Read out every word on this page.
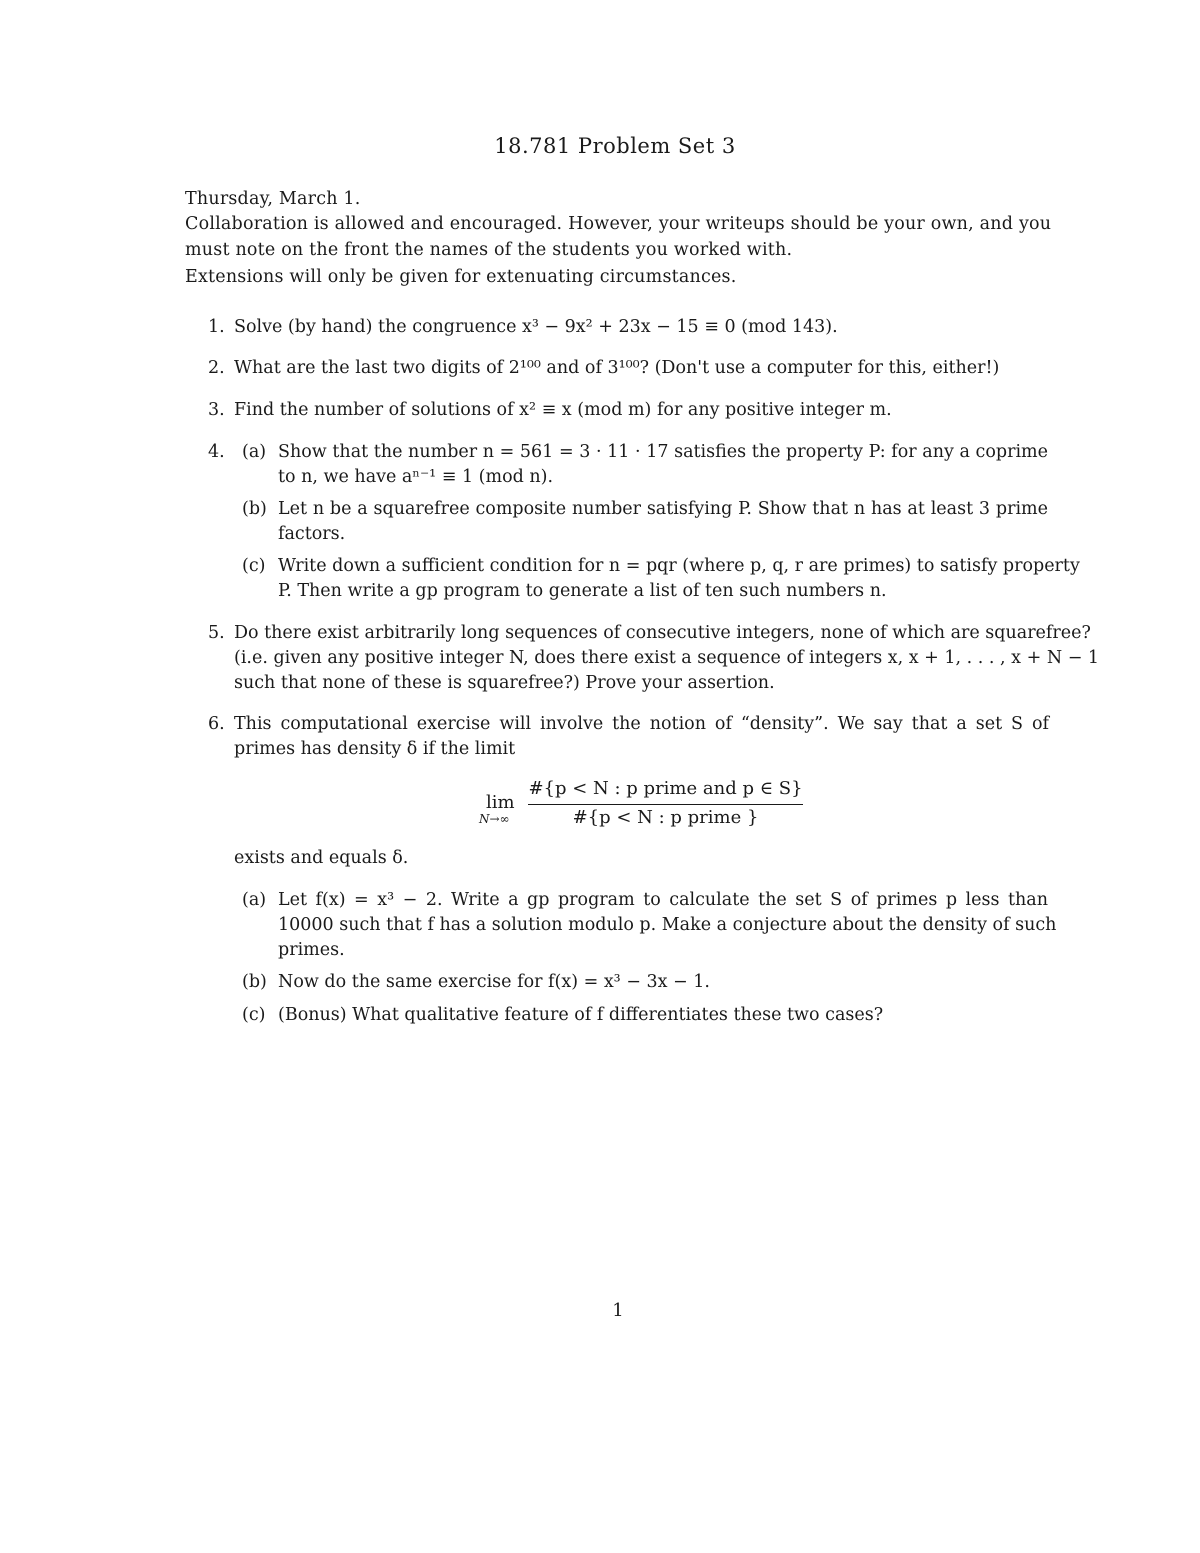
18.781 Problem Set 3
Thursday, March 1.
Collaboration is allowed and encouraged. However, your writeups should be your own, and you
must note on the front the names of the students you worked with.
Extensions will only be given for extenuating circumstances.
1. Solve (by hand) the congruence x³ − 9x² + 23x − 15 ≡ 0 (mod 143).
2. What are the last two digits of 2¹⁰⁰ and of 3¹⁰⁰? (Don't use a computer for this, either!)
3. Find the number of solutions of x² ≡ x (mod m) for any positive integer m.
4. (a) Show that the number n = 561 = 3 · 11 · 17 satisfies the property P: for any a coprime
to n, we have aⁿ⁻¹ ≡ 1 (mod n).
(b) Let n be a squarefree composite number satisfying P. Show that n has at least 3 prime
factors.
(c) Write down a sufficient condition for n = pqr (where p, q, r are primes) to satisfy property
P. Then write a gp program to generate a list of ten such numbers n.
5. Do there exist arbitrarily long sequences of consecutive integers, none of which are squarefree?
(i.e. given any positive integer N, does there exist a sequence of integers x, x + 1, . . . , x + N − 1
such that none of these is squarefree?) Prove your assertion.
6. This computational exercise will involve the notion of “density”. We say that a set S of
primes has density δ if the limit
lim
N→∞
#{p < N : p prime and p ∈ S}
#{p < N : p prime }
exists and equals δ.
(a) Let f(x) = x³ − 2. Write a gp program to calculate the set S of primes p less than
10000 such that f has a solution modulo p. Make a conjecture about the density of such
primes.
(b) Now do the same exercise for f(x) = x³ − 3x − 1.
(c) (Bonus) What qualitative feature of f differentiates these two cases?
1
